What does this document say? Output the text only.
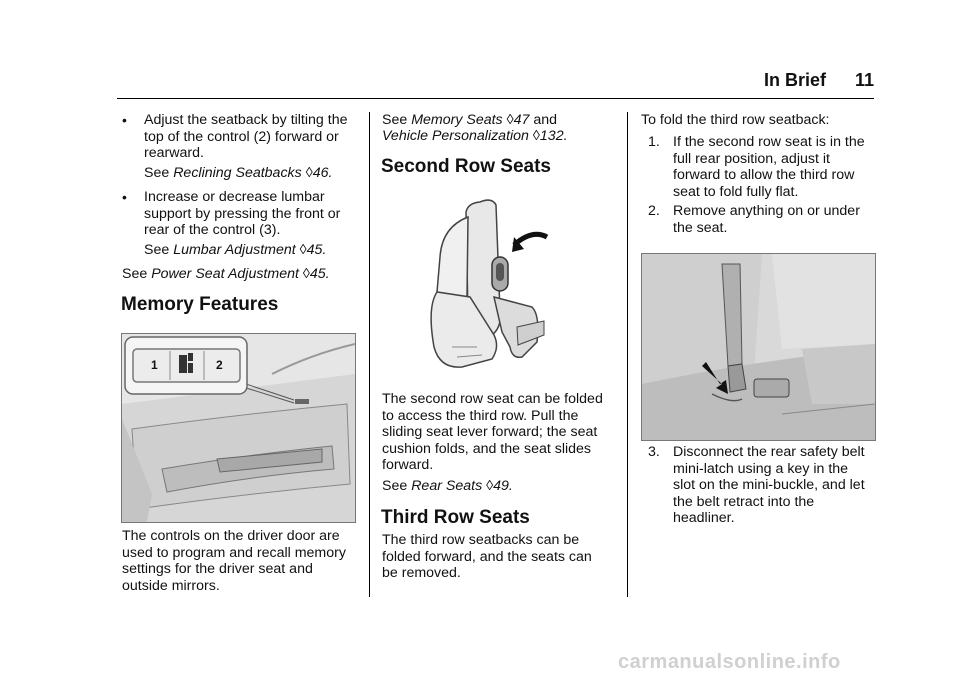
In Brief 11
• Adjust the seatback by tilting the
top of the control (2) forward or
rearward.
See Reclining Seatbacks ◊46.
• Increase or decrease lumbar
support by pressing the front or
rear of the control (3).
See Lumbar Adjustment ◊45.
See Power Seat Adjustment ◊45.
Memory Features
1	2
The controls on the driver door are
used to program and recall memory
settings for the driver seat and
outside mirrors.
See Memory Seats ◊47 and
Vehicle Personalization ◊132.
Second Row Seats
The second row seat can be folded
to access the third row. Pull the
sliding seat lever forward; the seat
cushion folds, and the seat slides
forward.
See Rear Seats ◊49.
Third Row Seats
The third row seatbacks can be
folded forward, and the seats can
be removed.
To fold the third row seatback:
1. If the second row seat is in the
full rear position, adjust it
forward to allow the third row
seat to fold fully flat.
2. Remove anything on or under
the seat.
3. Disconnect the rear safety belt
mini-latch using a key in the
slot on the mini-buckle, and let
the belt retract into the
headliner.
carmanualsonline.info
